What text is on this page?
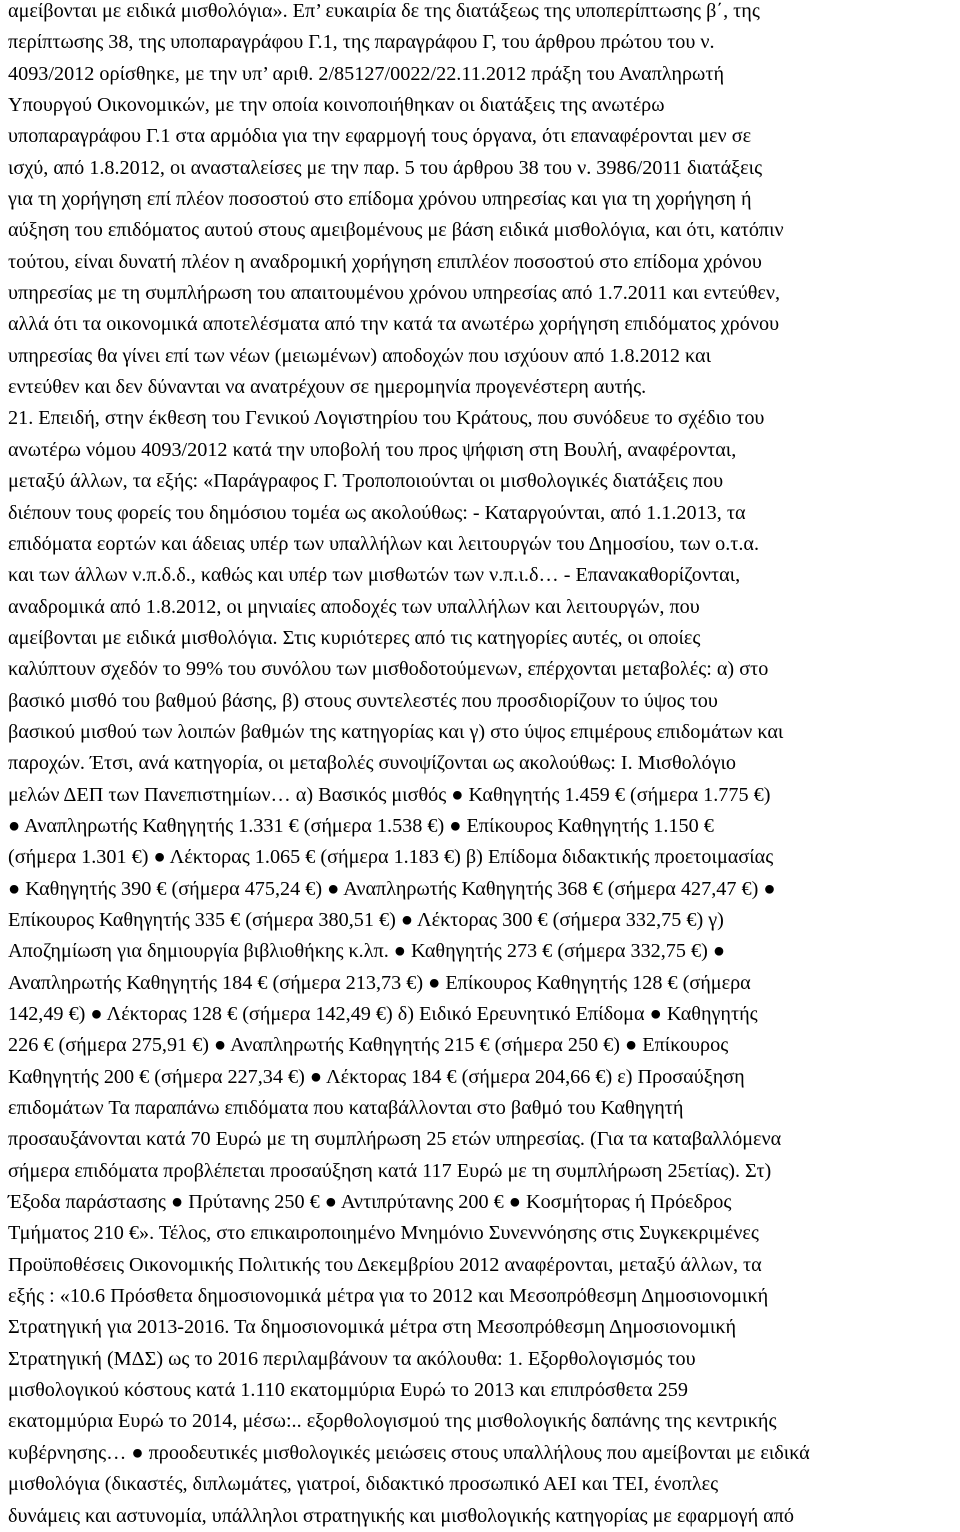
αμείβονται με ειδικά μισθολόγια». Επ’ ευκαιρία δε της διατάξεως της υποπερίπτωσης β΄, της
περίπτωσης 38, της υποπαραγράφου Γ.1, της παραγράφου Γ, του άρθρου πρώτου του ν.
4093/2012 ορίσθηκε, με την υπ’ αριθ. 2/85127/0022/22.11.2012 πράξη του Αναπληρωτή
Υπουργού Οικονομικών, με την οποία κοινοποιήθηκαν οι διατάξεις της ανωτέρω
υποπαραγράφου Γ.1 στα αρμόδια για την εφαρμογή τους όργανα, ότι επαναφέρονται μεν σε
ισχύ, από 1.8.2012, οι ανασταλείσες με την παρ. 5 του άρθρου 38 του ν. 3986/2011 διατάξεις
για τη χορήγηση επί πλέον ποσοστού στο επίδομα χρόνου υπηρεσίας και για τη χορήγηση ή
αύξηση του επιδόματος αυτού στους αμειβομένους με βάση ειδικά μισθολόγια, και ότι, κατόπιν
τούτου, είναι δυνατή πλέον η αναδρομική χορήγηση επιπλέον ποσοστού στο επίδομα χρόνου
υπηρεσίας με τη συμπλήρωση του απαιτουμένου χρόνου υπηρεσίας από 1.7.2011 και εντεύθεν,
αλλά ότι τα οικονομικά αποτελέσματα από την κατά τα ανωτέρω χορήγηση επιδόματος χρόνου
υπηρεσίας θα γίνει επί των νέων (μειωμένων) αποδοχών που ισχύουν από 1.8.2012 και
εντεύθεν και δεν δύνανται να ανατρέχουν σε ημερομηνία προγενέστερη αυτής.
21. Επειδή, στην έκθεση του Γενικού Λογιστηρίου του Κράτους, που συνόδευε το σχέδιο του
ανωτέρω νόμου 4093/2012 κατά την υποβολή του προς ψήφιση στη Βουλή, αναφέρονται,
μεταξύ άλλων, τα εξής: «Παράγραφος Γ. Τροποποιούνται οι μισθολογικές διατάξεις που
διέπουν τους φορείς του δημόσιου τομέα ως ακολούθως: - Καταργούνται, από 1.1.2013, τα
επιδόματα εορτών και άδειας υπέρ των υπαλλήλων και λειτουργών του Δημοσίου, των ο.τ.α.
και των άλλων ν.π.δ.δ., καθώς και υπέρ των μισθωτών των ν.π.ι.δ… - Επανακαθορίζονται,
αναδρομικά από 1.8.2012, οι μηνιαίες αποδοχές των υπαλλήλων και λειτουργών, που
αμείβονται με ειδικά μισθολόγια. Στις κυριότερες από τις κατηγορίες αυτές, οι οποίες
καλύπτουν σχεδόν το 99% του συνόλου των μισθοδοτούμενων, επέρχονται μεταβολές: α) στο
βασικό μισθό του βαθμού βάσης, β) στους συντελεστές που προσδιορίζουν το ύψος του
βασικού μισθού των λοιπών βαθμών της κατηγορίας και γ) στο ύψος επιμέρους επιδομάτων και
παροχών. Έτσι, ανά κατηγορία, οι μεταβολές συνοψίζονται ως ακολούθως: Ι. Μισθολόγιο
μελών ΔΕΠ των Πανεπιστημίων… α) Βασικός μισθός ● Καθηγητής 1.459 € (σήμερα 1.775 €)
● Αναπληρωτής Καθηγητής 1.331 € (σήμερα 1.538 €) ● Επίκουρος Καθηγητής 1.150 €
(σήμερα 1.301 €) ● Λέκτορας 1.065 € (σήμερα 1.183 €) β) Επίδομα διδακτικής προετοιμασίας
● Καθηγητής 390 € (σήμερα 475,24 €) ● Αναπληρωτής Καθηγητής 368 € (σήμερα 427,47 €) ●
Επίκουρος Καθηγητής 335 € (σήμερα 380,51 €) ● Λέκτορας 300 € (σήμερα 332,75 €) γ)
Αποζημίωση για δημιουργία βιβλιοθήκης κ.λπ. ● Καθηγητής 273 € (σήμερα 332,75 €) ●
Αναπληρωτής Καθηγητής 184 € (σήμερα 213,73 €) ● Επίκουρος Καθηγητής 128 € (σήμερα
142,49 €) ● Λέκτορας 128 € (σήμερα 142,49 €) δ) Ειδικό Ερευνητικό Επίδομα ● Καθηγητής
226 € (σήμερα 275,91 €) ● Αναπληρωτής Καθηγητής 215 € (σήμερα 250 €) ● Επίκουρος
Καθηγητής 200 € (σήμερα 227,34 €) ● Λέκτορας 184 € (σήμερα 204,66 €) ε) Προσαύξηση
επιδομάτων Τα παραπάνω επιδόματα που καταβάλλονται στο βαθμό του Καθηγητή
προσαυξάνονται κατά 70 Ευρώ με τη συμπλήρωση 25 ετών υπηρεσίας. (Για τα καταβαλλόμενα
σήμερα επιδόματα προβλέπεται προσαύξηση κατά 117 Ευρώ με τη συμπλήρωση 25ετίας). Στ)
Έξοδα παράστασης ● Πρύτανης 250 € ● Αντιπρύτανης 200 € ● Κοσμήτορας ή Πρόεδρος
Τμήματος 210 €». Τέλος, στο επικαιροποιημένο Μνημόνιο Συνεννόησης στις Συγκεκριμένες
Προϋποθέσεις Οικονομικής Πολιτικής του Δεκεμβρίου 2012 αναφέρονται, μεταξύ άλλων, τα
εξής : «10.6 Πρόσθετα δημοσιονομικά μέτρα για το 2012 και Μεσοπρόθεσμη Δημοσιονομική
Στρατηγική για 2013-2016. Τα δημοσιονομικά μέτρα στη Μεσοπρόθεσμη Δημοσιονομική
Στρατηγική (ΜΔΣ) ως το 2016 περιλαμβάνουν τα ακόλουθα: 1. Εξορθολογισμός του
μισθολογικού κόστους κατά 1.110 εκατομμύρια Ευρώ το 2013 και επιπρόσθετα 259
εκατομμύρια Ευρώ το 2014, μέσω:.. εξορθολογισμού της μισθολογικής δαπάνης της κεντρικής
κυβέρνησης… ● προοδευτικές μισθολογικές μειώσεις στους υπαλλήλους που αμείβονται με ειδικά
μισθολόγια (δικαστές, διπλωμάτες, γιατροί, διδακτικό προσωπικό ΑΕΙ και ΤΕΙ, ένοπλες
δυνάμεις και αστυνομία, υπάλληλοι στρατηγικής και μισθολογικής κατηγορίας με εφαρμογή από
